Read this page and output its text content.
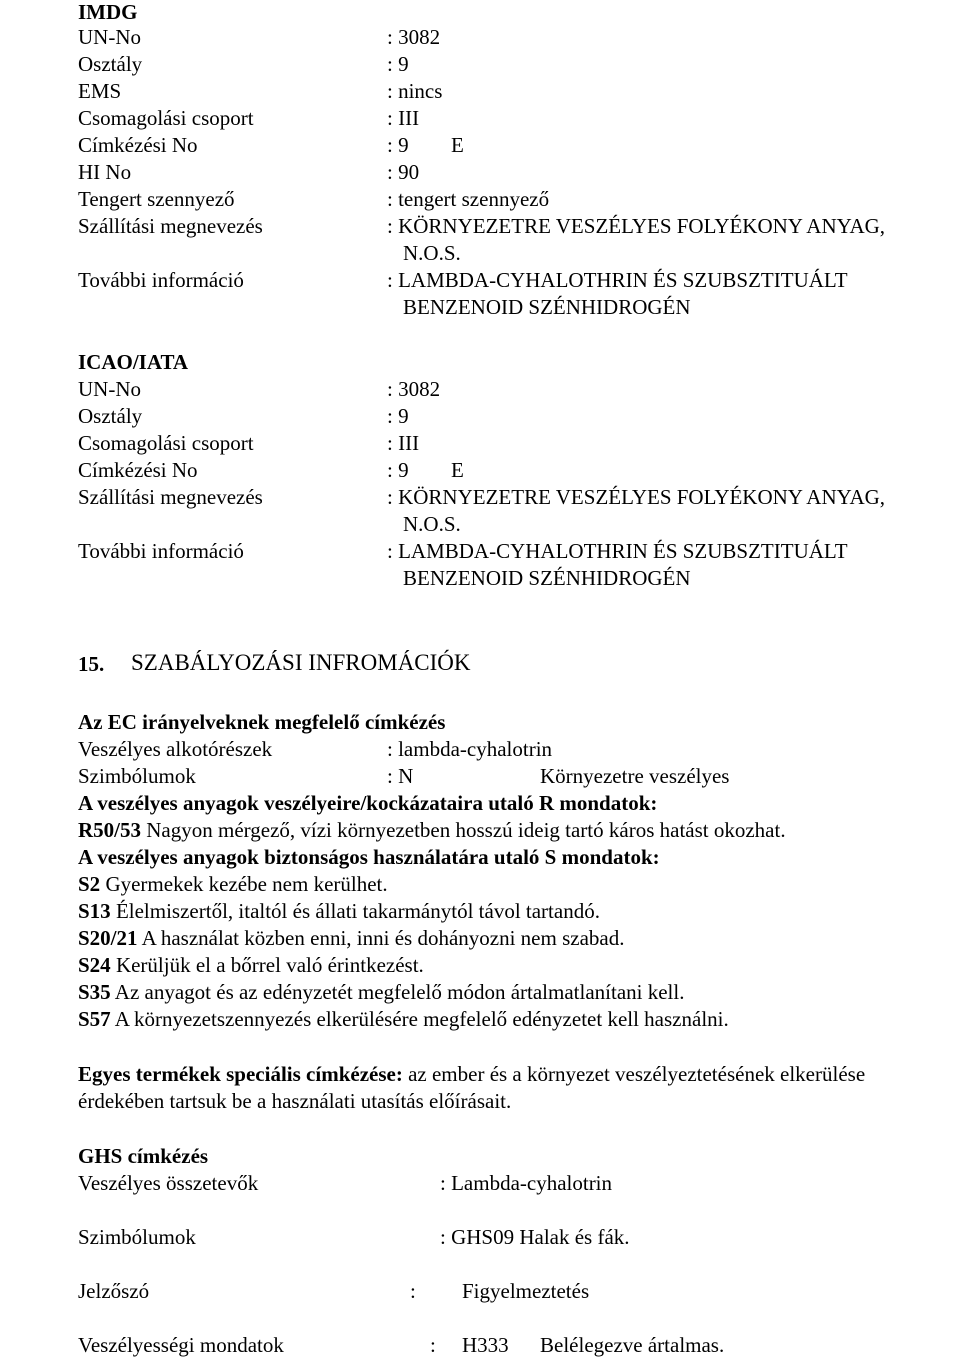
IMDG
UN-No	: 3082
Osztály	: 9
EMS	: nincs
Csomagolási csoport	: III
Címkézési No	: 9 E
HI No	: 90
Tengert szennyező	: tengert szennyező
Szállítási megnevezés	: KÖRNYEZETRE VESZÉLYES FOLYÉKONY ANYAG,
N.O.S.
További információ	: LAMBDA-CYHALOTHRIN ÉS SZUBSZTITUÁLT
BENZENOID SZÉNHIDROGÉN
ICAO/IATA
UN-No	: 3082
Osztály	: 9
Csomagolási csoport	: III
Címkézési No	: 9 E
Szállítási megnevezés	: KÖRNYEZETRE VESZÉLYES FOLYÉKONY ANYAG,
N.O.S.
További információ	: LAMBDA-CYHALOTHRIN ÉS SZUBSZTITUÁLT
BENZENOID SZÉNHIDROGÉN
15. SZABÁLYOZÁSI INFROMÁCIÓK
Az EC irányelveknek megfelelő címkézés
Veszélyes alkotórészek	: lambda-cyhalotrin
Szimbólumok	: N	Környezetre veszélyes
A veszélyes anyagok veszélyeire/kockázataira utaló R mondatok:
R50/53 Nagyon mérgező, vízi környezetben hosszú ideig tartó káros hatást okozhat.
A veszélyes anyagok biztonságos használatára utaló S mondatok:
S2 Gyermekek kezébe nem kerülhet.
S13 Élelmiszertől, italtól és állati takarmánytól távol tartandó.
S20/21 A használat közben enni, inni és dohányozni nem szabad.
S24 Kerüljük el a bőrrel való érintkezést.
S35 Az anyagot és az edényzetét megfelelő módon ártalmatlanítani kell.
S57 A környezetszennyezés elkerülésére megfelelő edényzetet kell használni.
Egyes termékek speciális címkézése: az ember és a környezet veszélyeztetésének elkerülése
érdekében tartsuk be a használati utasítás előírásait.
GHS címkézés
Veszélyes összetevők	: Lambda-cyhalotrin
Szimbólumok	: GHS09 Halak és fák.
Jelzőszó	: Figyelmeztetés
Veszélyességi mondatok	: H333 Belélegezve ártalmas.
